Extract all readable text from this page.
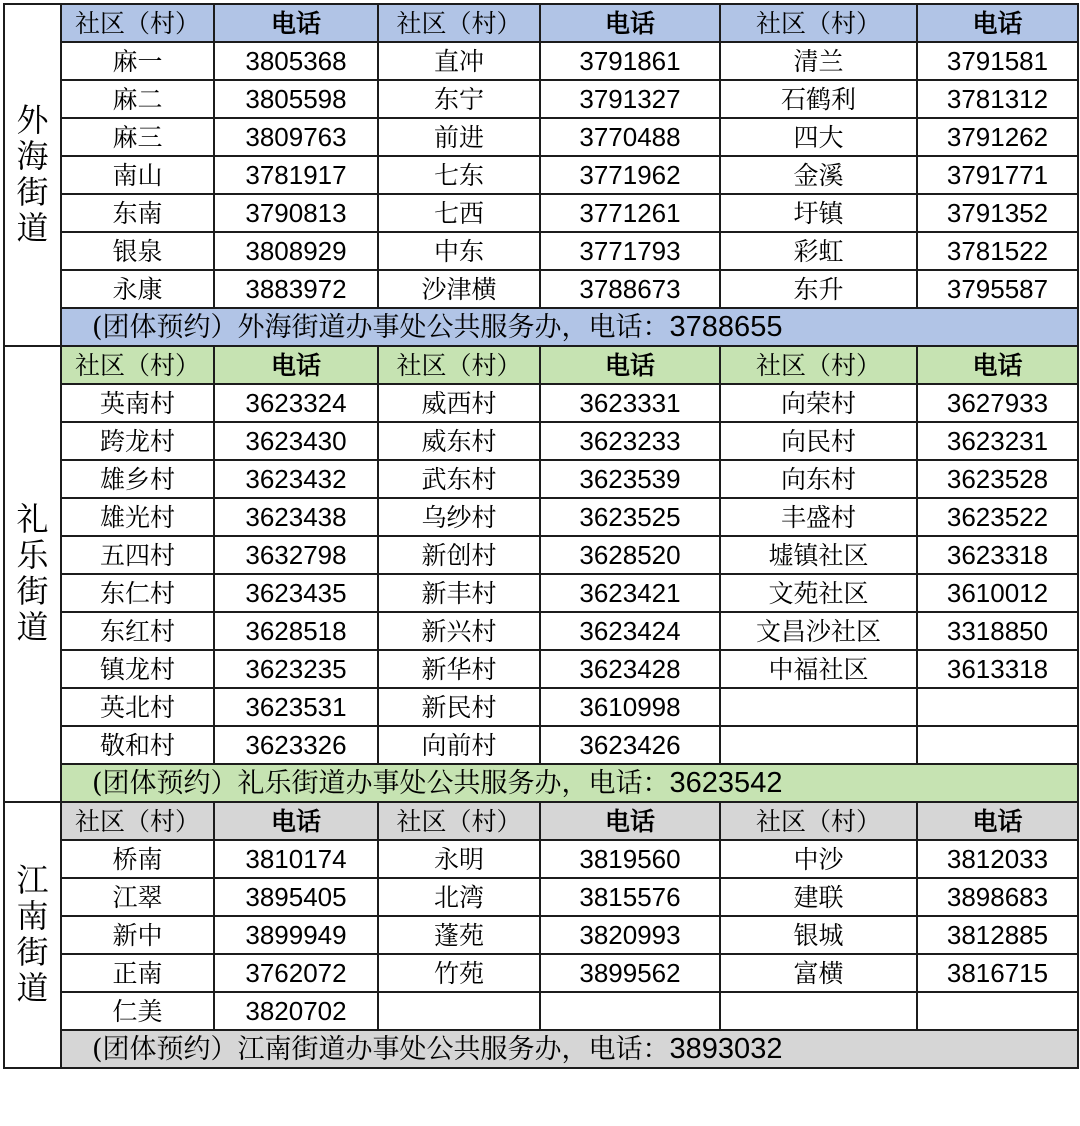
外海街道	社区（村）	电话	社区（村）	电话	社区（村）	电话
	麻一	3805368	直冲	3791861	清兰	3791581
	麻二	3805598	东宁	3791327	石鹤利	3781312
	麻三	3809763	前进	3770488	四大	3791262
	南山	3781917	七东	3771962	金溪	3791771
	东南	3790813	七西	3771261	圩镇	3791352
	银泉	3808929	中东	3771793	彩虹	3781522
	永康	3883972	沙津横	3788673	东升	3795587
	(团体预约）外海街道办事处公共服务办，电话：3788655					
礼乐街道	社区（村）	电话	社区（村）	电话	社区（村）	电话
	英南村	3623324	威西村	3623331	向荣村	3627933
	跨龙村	3623430	威东村	3623233	向民村	3623231
	雄乡村	3623432	武东村	3623539	向东村	3623528
	雄光村	3623438	乌纱村	3623525	丰盛村	3623522
	五四村	3632798	新创村	3628520	墟镇社区	3623318
	东仁村	3623435	新丰村	3623421	文苑社区	3610012
	东红村	3628518	新兴村	3623424	文昌沙社区	3318850
	镇龙村	3623235	新华村	3623428	中福社区	3613318
	英北村	3623531	新民村	3610998		
	敬和村	3623326	向前村	3623426		
	(团体预约）礼乐街道办事处公共服务办，电话：3623542					
江南街道	社区（村）	电话	社区（村）	电话	社区（村）	电话
	桥南	3810174	永明	3819560	中沙	3812033
	江翠	3895405	北湾	3815576	建联	3898683
	新中	3899949	蓬苑	3820993	银城	3812885
	正南	3762072	竹苑	3899562	富横	3816715
	仁美	3820702				
	(团体预约）江南街道办事处公共服务办，电话：3893032					
